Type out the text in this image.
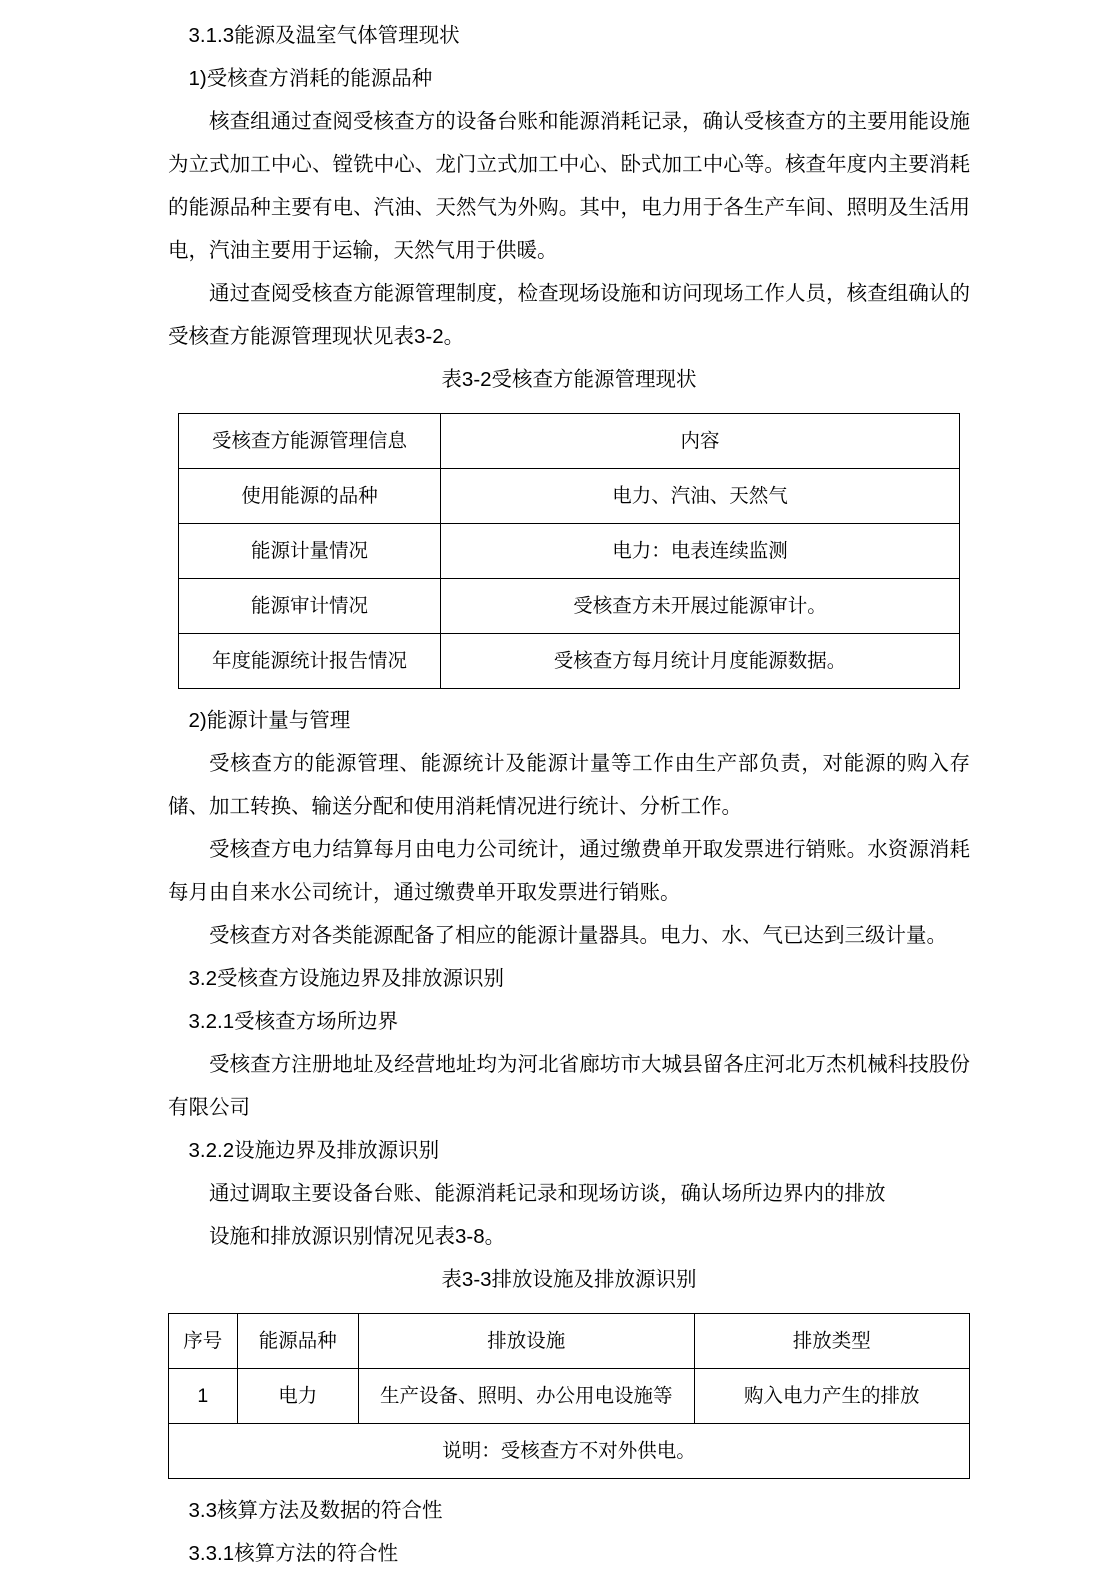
3.1.3能源及温室气体管理现状

1)受核查方消耗的能源品种

核查组通过查阅受核查方的设备台账和能源消耗记录，确认受核查方的主要用能设施为立式加工中心、镗铣中心、龙门立式加工中心、卧式加工中心等。核查年度内主要消耗的能源品种主要有电、汽油、天然气为外购。其中，电力用于各生产车间、照明及生活用电，汽油主要用于运输，天然气用于供暖。

通过查阅受核查方能源管理制度，检查现场设施和访问现场工作人员，核查组确认的受核查方能源管理现状见表3-2。

表3-2受核查方能源管理现状

受核查方能源管理信息	内容
使用能源的品种	电力、汽油、天然气
能源计量情况	电力：电表连续监测
能源审计情况	受核查方未开展过能源审计。
年度能源统计报告情况	受核查方每月统计月度能源数据。

2)能源计量与管理

受核查方的能源管理、能源统计及能源计量等工作由生产部负责，对能源的购入存储、加工转换、输送分配和使用消耗情况进行统计、分析工作。

受核查方电力结算每月由电力公司统计，通过缴费单开取发票进行销账。水资源消耗每月由自来水公司统计，通过缴费单开取发票进行销账。

受核查方对各类能源配备了相应的能源计量器具。电力、水、气已达到三级计量。

3.2受核查方设施边界及排放源识别

3.2.1受核查方场所边界

受核查方注册地址及经营地址均为河北省廊坊市大城县留各庄河北万杰机械科技股份有限公司

3.2.2设施边界及排放源识别

通过调取主要设备台账、能源消耗记录和现场访谈，确认场所边界内的排放

设施和排放源识别情况见表3-8。

表3-3排放设施及排放源识别

序号	能源品种	排放设施	排放类型
1	电力	生产设备、照明、办公用电设施等	购入电力产生的排放
说明：受核查方不对外供电。			

3.3核算方法及数据的符合性

3.3.1核算方法的符合性
